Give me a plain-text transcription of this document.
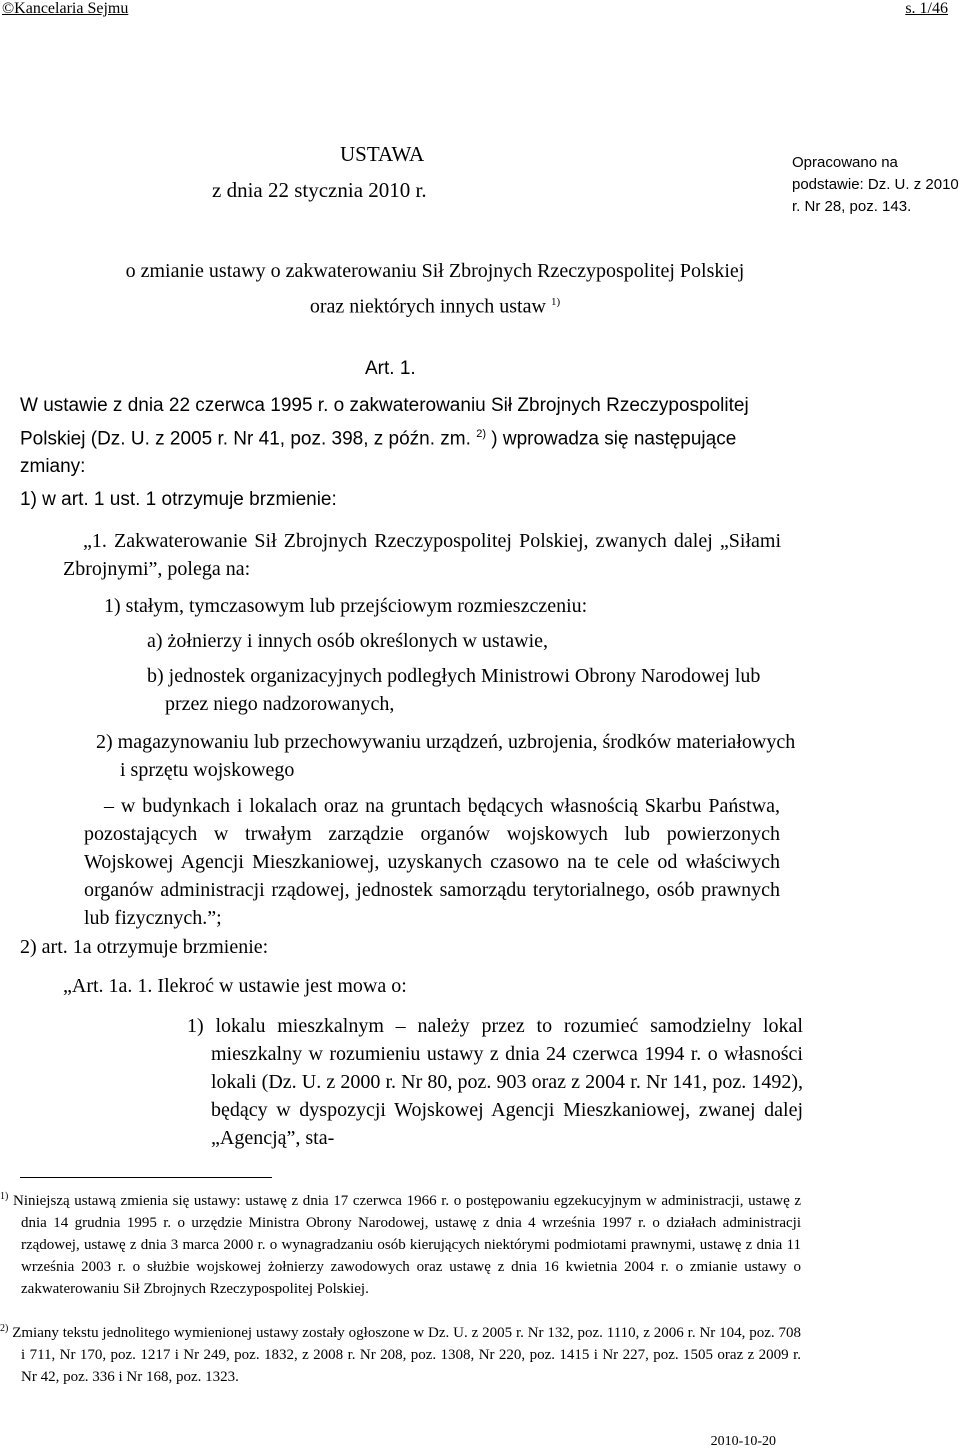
©Kancelaria Sejmu	s. 1/46
USTAWA
z dnia 22 stycznia 2010 r.
Opracowano na podstawie: Dz. U. z 2010 r. Nr 28, poz. 143.
o zmianie ustawy o zakwaterowaniu Sił Zbrojnych Rzeczypospolitej Polskiej
oraz niektórych innych ustaw $^{1)}$
Art. 1.
W ustawie z dnia 22 czerwca 1995 r. o zakwaterowaniu Sił Zbrojnych Rzeczypospolitej Polskiej (Dz. U. z 2005 r. Nr 41, poz. 398, z późn. zm. $^{2)}$ ) wprowadza się następujące zmiany:
1) w art. 1 ust. 1 otrzymuje brzmienie:
„1. Zakwaterowanie Sił Zbrojnych Rzeczypospolitej Polskiej, zwanych dalej „Siłami Zbrojnymi”, polega na:
1) stałym, tymczasowym lub przejściowym rozmieszczeniu:
a) żołnierzy i innych osób określonych w ustawie,
b) jednostek organizacyjnych podległych Ministrowi Obrony Narodowej lub przez niego nadzorowanych,
2) magazynowaniu lub przechowywaniu urządzeń, uzbrojenia, środków materiałowych i sprzętu wojskowego
– w budynkach i lokalach oraz na gruntach będących własnością Skarbu Państwa, pozostających w trwałym zarządzie organów wojskowych lub powierzonych Wojskowej Agencji Mieszkaniowej, uzyskanych czasowo na te cele od właściwych organów administracji rządowej, jednostek samorządu terytorialnego, osób prawnych lub fizycznych.”;
2) art. 1a otrzymuje brzmienie:
„Art. 1a. 1. Ilekroć w ustawie jest mowa o:
1) lokalu mieszkalnym – należy przez to rozumieć samodzielny lokal mieszkalny w rozumieniu ustawy z dnia 24 czerwca 1994 r. o własności lokali (Dz. U. z 2000 r. Nr 80, poz. 903 oraz z 2004 r. Nr 141, poz. 1492), będący w dyspozycji Wojskowej Agencji Mieszkaniowej, zwanej dalej „Agencją”, sta-
$^{1)}$ Niniejszą ustawą zmienia się ustawy: ustawę z dnia 17 czerwca 1966 r. o postępowaniu egzekucyjnym w administracji, ustawę z dnia 14 grudnia 1995 r. o urzędzie Ministra Obrony Narodowej, ustawę z dnia 4 września 1997 r. o działach administracji rządowej, ustawę z dnia 3 marca 2000 r. o wynagradzaniu osób kierujących niektórymi podmiotami prawnymi, ustawę z dnia 11 września 2003 r. o służbie wojskowej żołnierzy zawodowych oraz ustawę z dnia 16 kwietnia 2004 r. o zmianie ustawy o zakwaterowaniu Sił Zbrojnych Rzeczypospolitej Polskiej.
$^{2)}$ Zmiany tekstu jednolitego wymienionej ustawy zostały ogłoszone w Dz. U. z 2005 r. Nr 132, poz. 1110, z 2006 r. Nr 104, poz. 708 i 711, Nr 170, poz. 1217 i Nr 249, poz. 1832, z 2008 r. Nr 208, poz. 1308, Nr 220, poz. 1415 i Nr 227, poz. 1505 oraz z 2009 r. Nr 42, poz. 336 i Nr 168, poz. 1323.
2010-10-20
